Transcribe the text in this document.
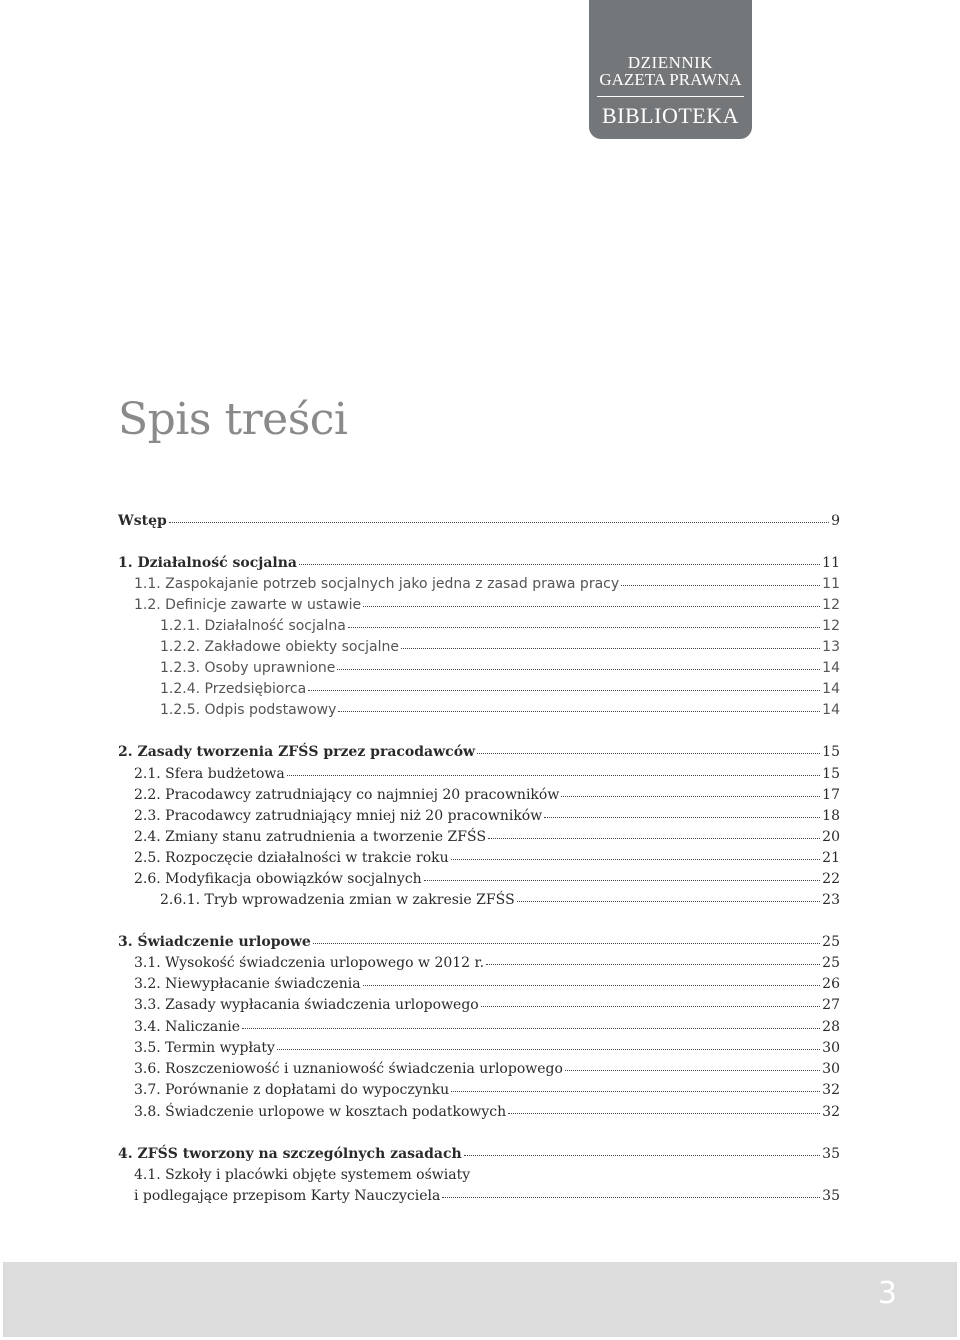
DZIENNIK
GAZETA PRAWNA
BIBLIOTEKA
Spis treści
Wstęp	9
1. Działalność socjalna	11
1.1. Zaspokajanie potrzeb socjalnych jako jedna z zasad prawa pracy	11
1.2. Definicje zawarte w ustawie	12
1.2.1. Działalność socjalna	12
1.2.2. Zakładowe obiekty socjalne	13
1.2.3. Osoby uprawnione	14
1.2.4. Przedsiębiorca	14
1.2.5. Odpis podstawowy	14
2. Zasady tworzenia ZFŚS przez pracodawców	15
2.1. Sfera budżetowa	15
2.2. Pracodawcy zatrudniający co najmniej 20 pracowników	17
2.3. Pracodawcy zatrudniający mniej niż 20 pracowników	18
2.4. Zmiany stanu zatrudnienia a tworzenie ZFŚS	20
2.5. Rozpoczęcie działalności w trakcie roku	21
2.6. Modyfikacja obowiązków socjalnych	22
2.6.1. Tryb wprowadzenia zmian w zakresie ZFŚS	23
3. Świadczenie urlopowe	25
3.1. Wysokość świadczenia urlopowego w 2012 r.	25
3.2. Niewypłacanie świadczenia	26
3.3. Zasady wypłacania świadczenia urlopowego	27
3.4. Naliczanie	28
3.5. Termin wypłaty	30
3.6. Roszczeniowość i uznaniowość świadczenia urlopowego	30
3.7. Porównanie z dopłatami do wypoczynku	32
3.8. Świadczenie urlopowe w kosztach podatkowych	32
4. ZFŚS tworzony na szczególnych zasadach	35
4.1. Szkoły i placówki objęte systemem oświaty
i podlegające przepisom Karty Nauczyciela	35
3
